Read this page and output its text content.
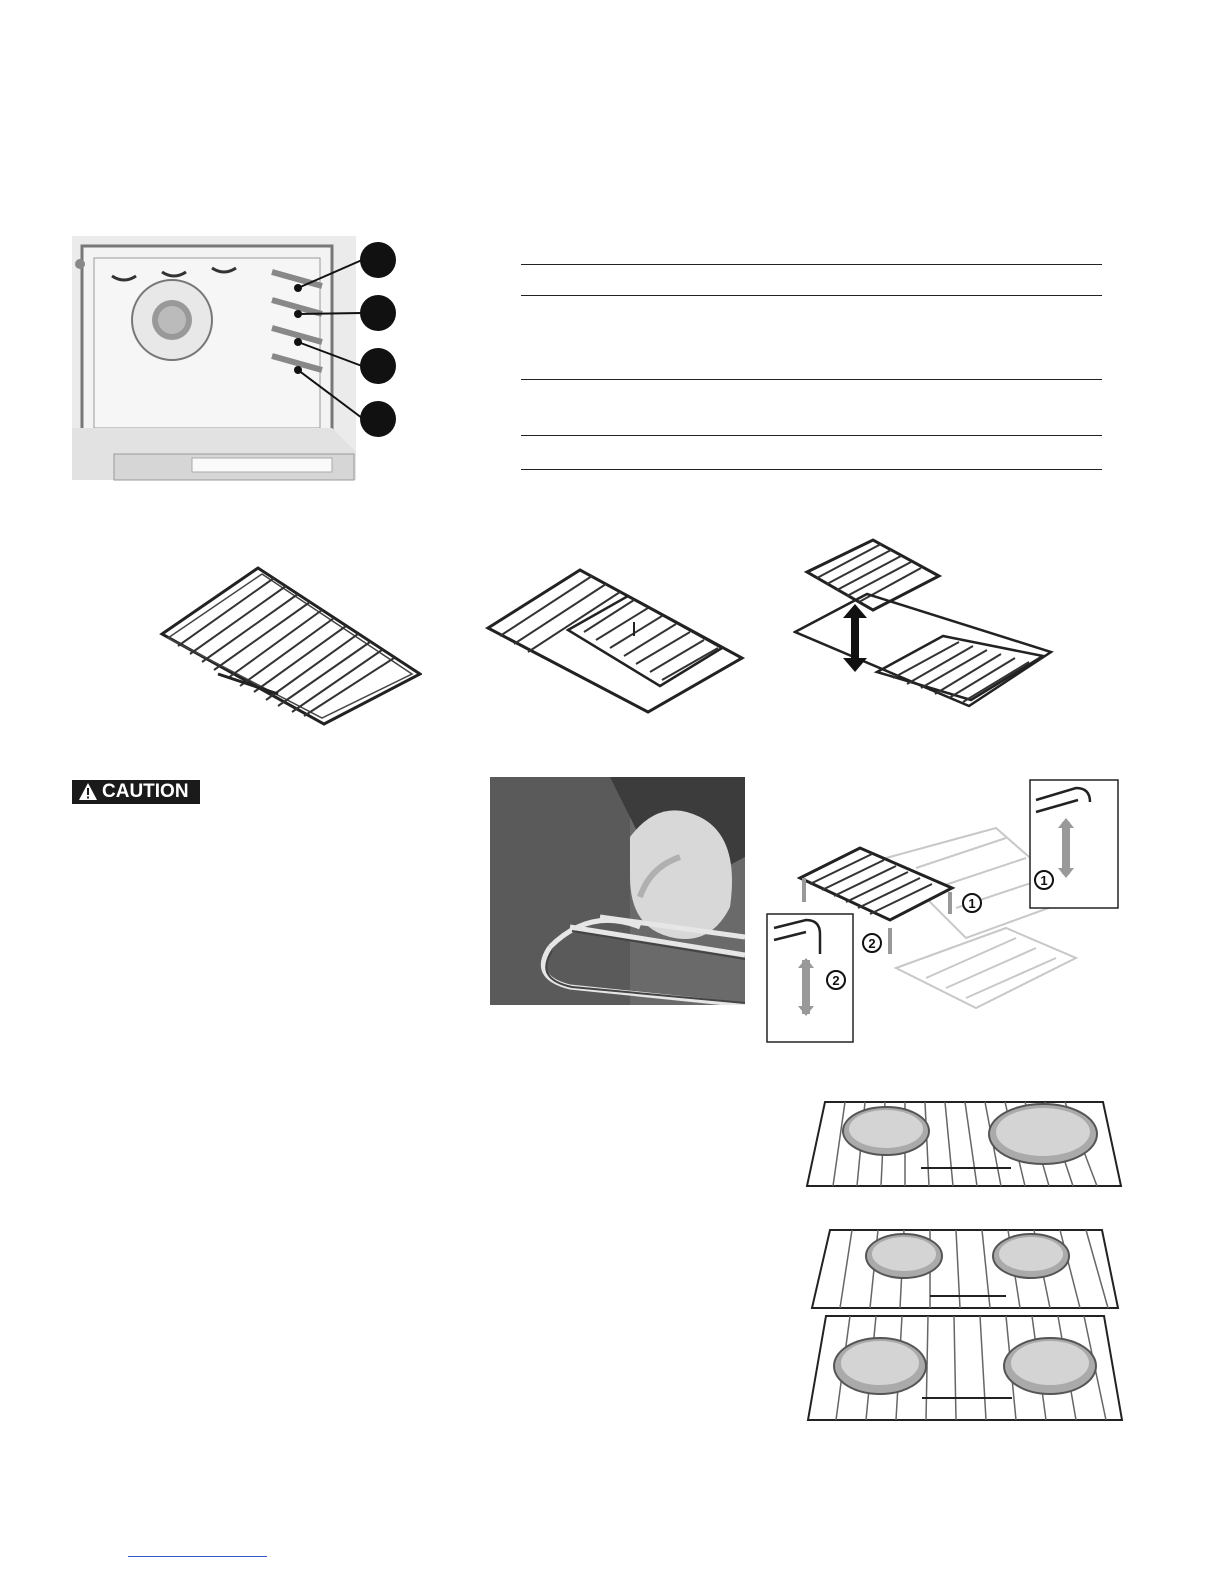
CAUTION
1
2
1
2
